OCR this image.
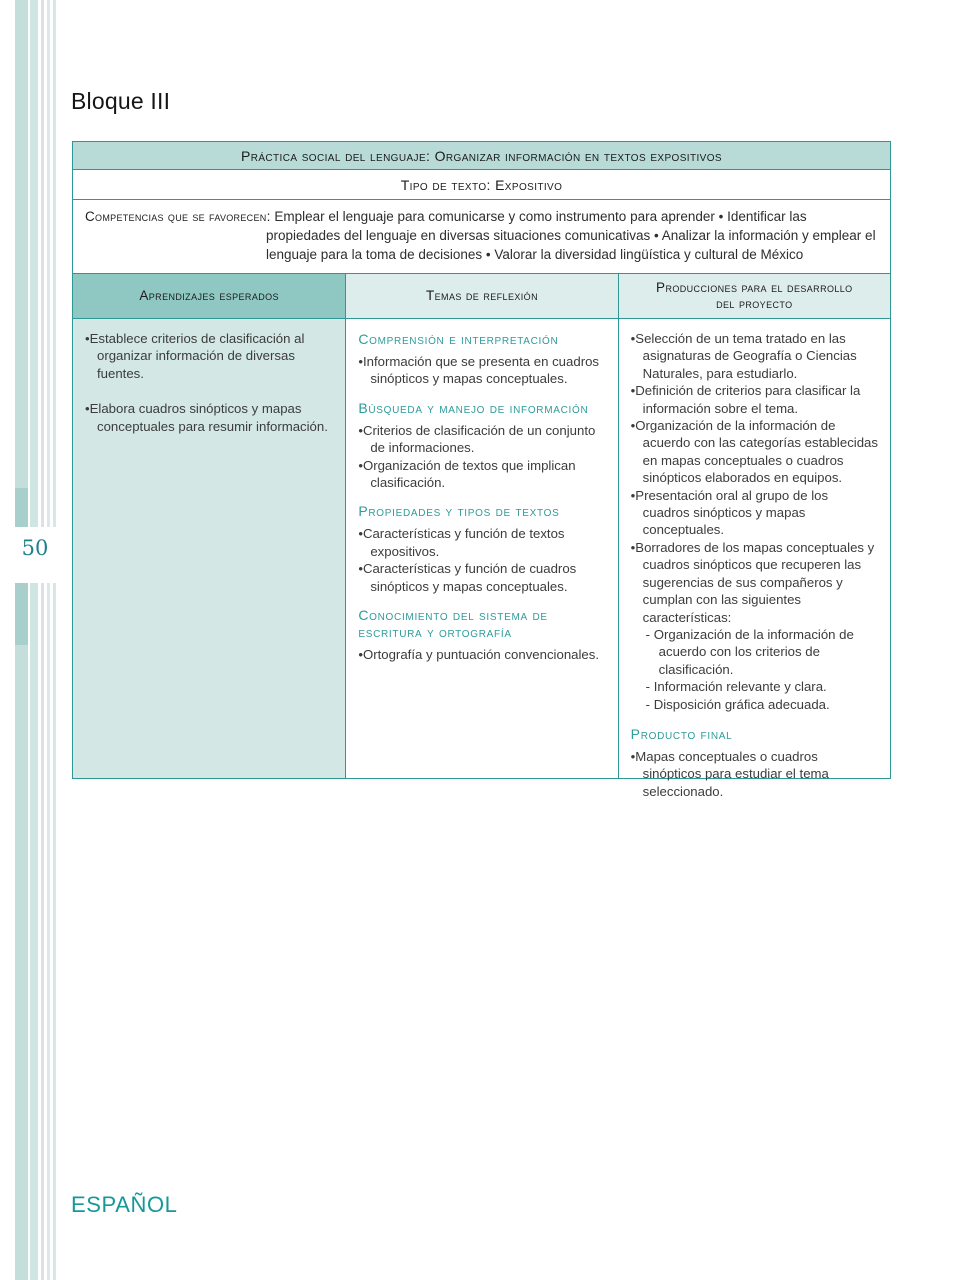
50
Bloque III
Práctica social del lenguaje: Organizar información en textos expositivos
Tipo de texto: Expositivo
Competencias que se favorecen: Emplear el lenguaje para comunicarse y como instrumento para aprender • Identificar las propiedades del lenguaje en diversas situaciones comunicativas • Analizar la información y emplear el lenguaje para la toma de decisiones • Valorar la diversidad lingüística y cultural de México
Aprendizajes esperados	Temas de reflexión
Producciones para el desarrollo del proyecto
• Establece criterios de clasificación al organizar información de diversas fuentes.
• Elabora cuadros sinópticos y mapas conceptuales para resumir información.
Comprensión e interpretación
• Información que se presenta en cuadros sinópticos y mapas conceptuales.
Búsqueda y manejo de información
• Criterios de clasificación de un conjunto de informaciones.
• Organización de textos que implican clasificación.
Propiedades y tipos de textos
• Características y función de textos expositivos.
• Características y función de cuadros sinópticos y mapas conceptuales.
Conocimiento del sistema de escritura y ortografía
• Ortografía y puntuación convencionales.
• Selección de un tema tratado en las asignaturas de Geografía o Ciencias Naturales, para estudiarlo.
• Definición de criterios para clasificar la información sobre el tema.
• Organización de la información de acuerdo con las categorías establecidas en mapas conceptuales o cuadros sinópticos elaborados en equipos.
• Presentación oral al grupo de los cuadros sinópticos y mapas conceptuales.
• Borradores de los mapas conceptuales y cuadros sinópticos que recuperen las sugerencias de sus compañeros y cumplan con las siguientes características:
- Organización de la información de acuerdo con los criterios de clasificación.
- Información relevante y clara.
- Disposición gráfica adecuada.
Producto final
• Mapas conceptuales o cuadros sinópticos para estudiar el tema seleccionado.
ESPAÑOL
